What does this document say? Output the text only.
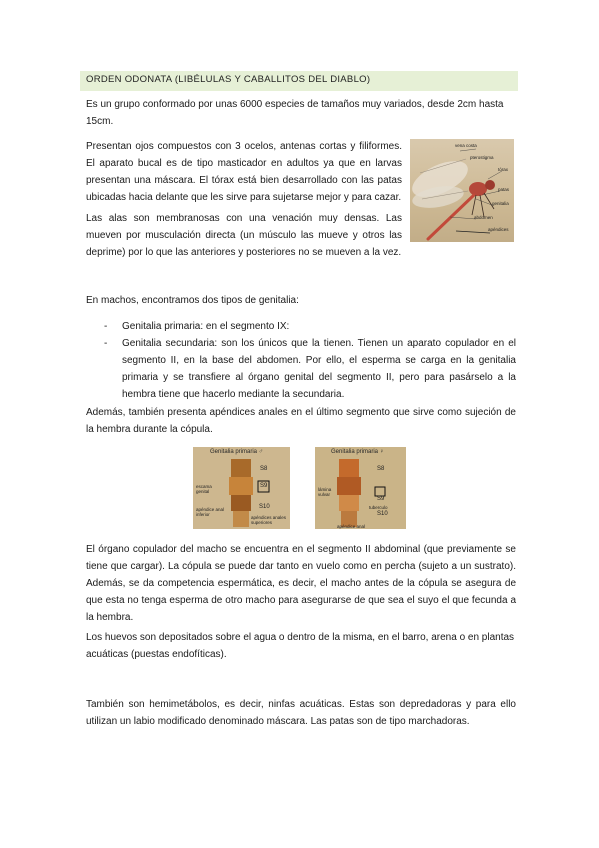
ORDEN ODONATA (LIBÉLULAS Y CABALLITOS DEL DIABLO)

Es un grupo conformado por unas 6000 especies de tamaños muy variados, desde 2cm hasta 15cm.

Presentan ojos compuestos con 3 ocelos, antenas cortas y filiformes. El aparato bucal es de tipo masticador en adultos ya que en larvas presentan una máscara. El tórax está bien desarrollado con las patas ubicadas hacia delante que les sirve para sujetarse mejor y para cazar.

Las alas son membranosas con una venación muy densas. Las mueven por musculación directa (un músculo las mueve y otros las deprime) por lo que las anteriores y posteriores no se mueven a la vez.

vena costa
pterostigma
tórax
patas
genitalia
abdomen
apéndices

En machos, encontramos dos tipos de genitalia:

- Genitalia primaria: en el segmento IX:
- Genitalia secundaria: son los únicos que la tienen. Tienen un aparato copulador en el segmento II, en la base del abdomen. Por ello, el esperma se carga en la genitalia primaria y se transfiere al órgano genital del segmento II, pero para pasárselo a la hembra tiene que hacerlo mediante la secundaria.

Además, también presenta apéndices anales en el último segmento que sirve como sujeción de la hembra durante la cópula.

Genitalia primaria ♂
S8
S9
S10
escama genital
apéndice anal inferior
apéndices anales superiores
Genitalia primaria ♀
S8
S9
S10
lámina vulvar
tuberculo
apéndice anal

El órgano copulador del macho se encuentra en el segmento II abdominal (que previamente se tiene que cargar). La cópula se puede dar tanto en vuelo como en percha (sujeto a un sustrato). Además, se da competencia espermática, es decir, el macho antes de la cópula se asegura de que esta no tenga esperma de otro macho para asegurarse de que sea el suyo el que fecunda a la hembra.

Los huevos son depositados sobre el agua o dentro de la misma, en el barro, arena o en plantas acuáticas (puestas endofíticas).

También son hemimetábolos, es decir, ninfas acuáticas. Estas son depredadoras y para ello utilizan un labio modificado denominado máscara. Las patas son de tipo marchadoras.
